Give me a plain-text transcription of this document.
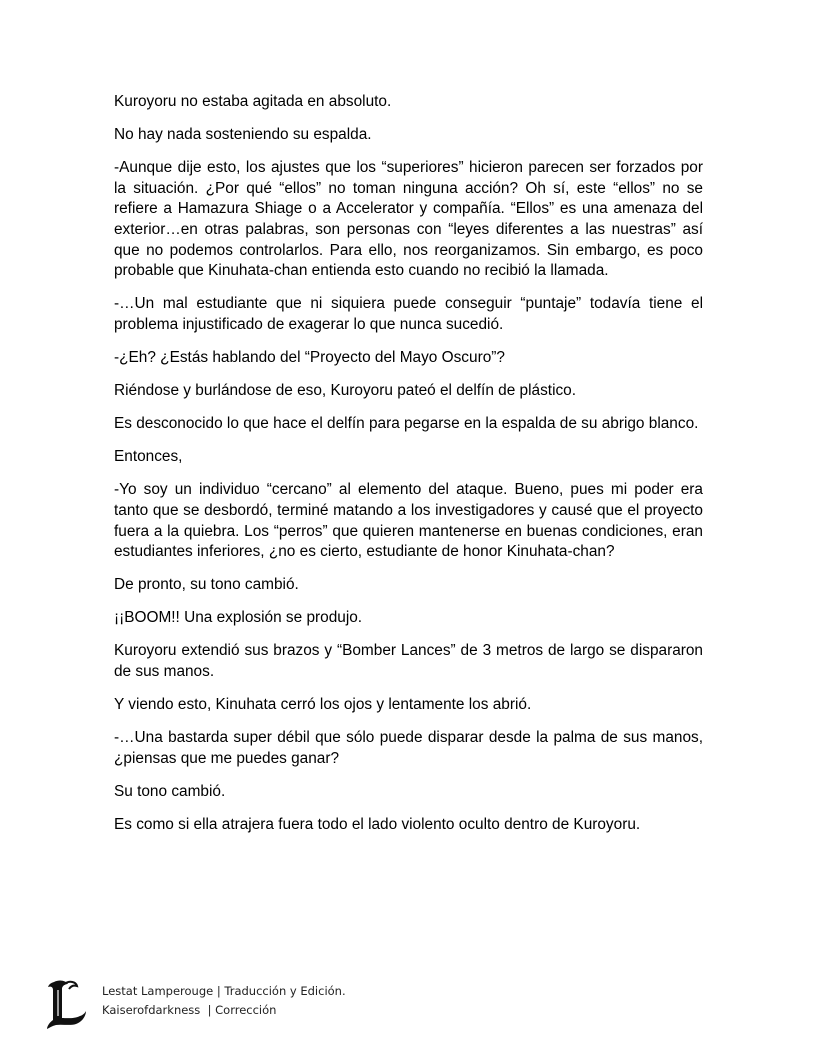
Kuroyoru no estaba agitada en absoluto.

No hay nada sosteniendo su espalda.

-Aunque dije esto, los ajustes que los “superiores” hicieron parecen ser forzados por la situación. ¿Por qué “ellos” no toman ninguna acción? Oh sí, este “ellos” no se refiere a Hamazura Shiage o a Accelerator y compañía. “Ellos” es una amenaza del exterior…en otras palabras, son personas con “leyes diferentes a las nuestras” así que no podemos controlarlos. Para ello, nos reorganizamos. Sin embargo, es poco probable que Kinuhata-chan entienda esto cuando no recibió la llamada.

-…Un mal estudiante que ni siquiera puede conseguir “puntaje” todavía tiene el problema injustificado de exagerar lo que nunca sucedió.

-¿Eh? ¿Estás hablando del “Proyecto del Mayo Oscuro”?

Riéndose y burlándose de eso, Kuroyoru pateó el delfín de plástico.

Es desconocido lo que hace el delfín para pegarse en la espalda de su abrigo blanco.

Entonces,

-Yo soy un individuo “cercano” al elemento del ataque. Bueno, pues mi poder era tanto que se desbordó, terminé matando a los investigadores y causé que el proyecto fuera a la quiebra. Los “perros” que quieren mantenerse en buenas condiciones, eran estudiantes inferiores, ¿no es cierto, estudiante de honor Kinuhata-chan?

De pronto, su tono cambió.

¡¡BOOM!! Una explosión se produjo.

Kuroyoru extendió sus brazos y “Bomber Lances” de 3 metros de largo se dispararon de sus manos.

Y viendo esto, Kinuhata cerró los ojos y lentamente los abrió.

-…Una bastarda super débil que sólo puede disparar desde la palma de sus manos, ¿piensas que me puedes ganar?

Su tono cambió.

Es como si ella atrajera fuera todo el lado violento oculto dentro de Kuroyoru.

Lestat Lamperouge | Traducción y Edición.
Kaiserofdarkness  | Corrección
